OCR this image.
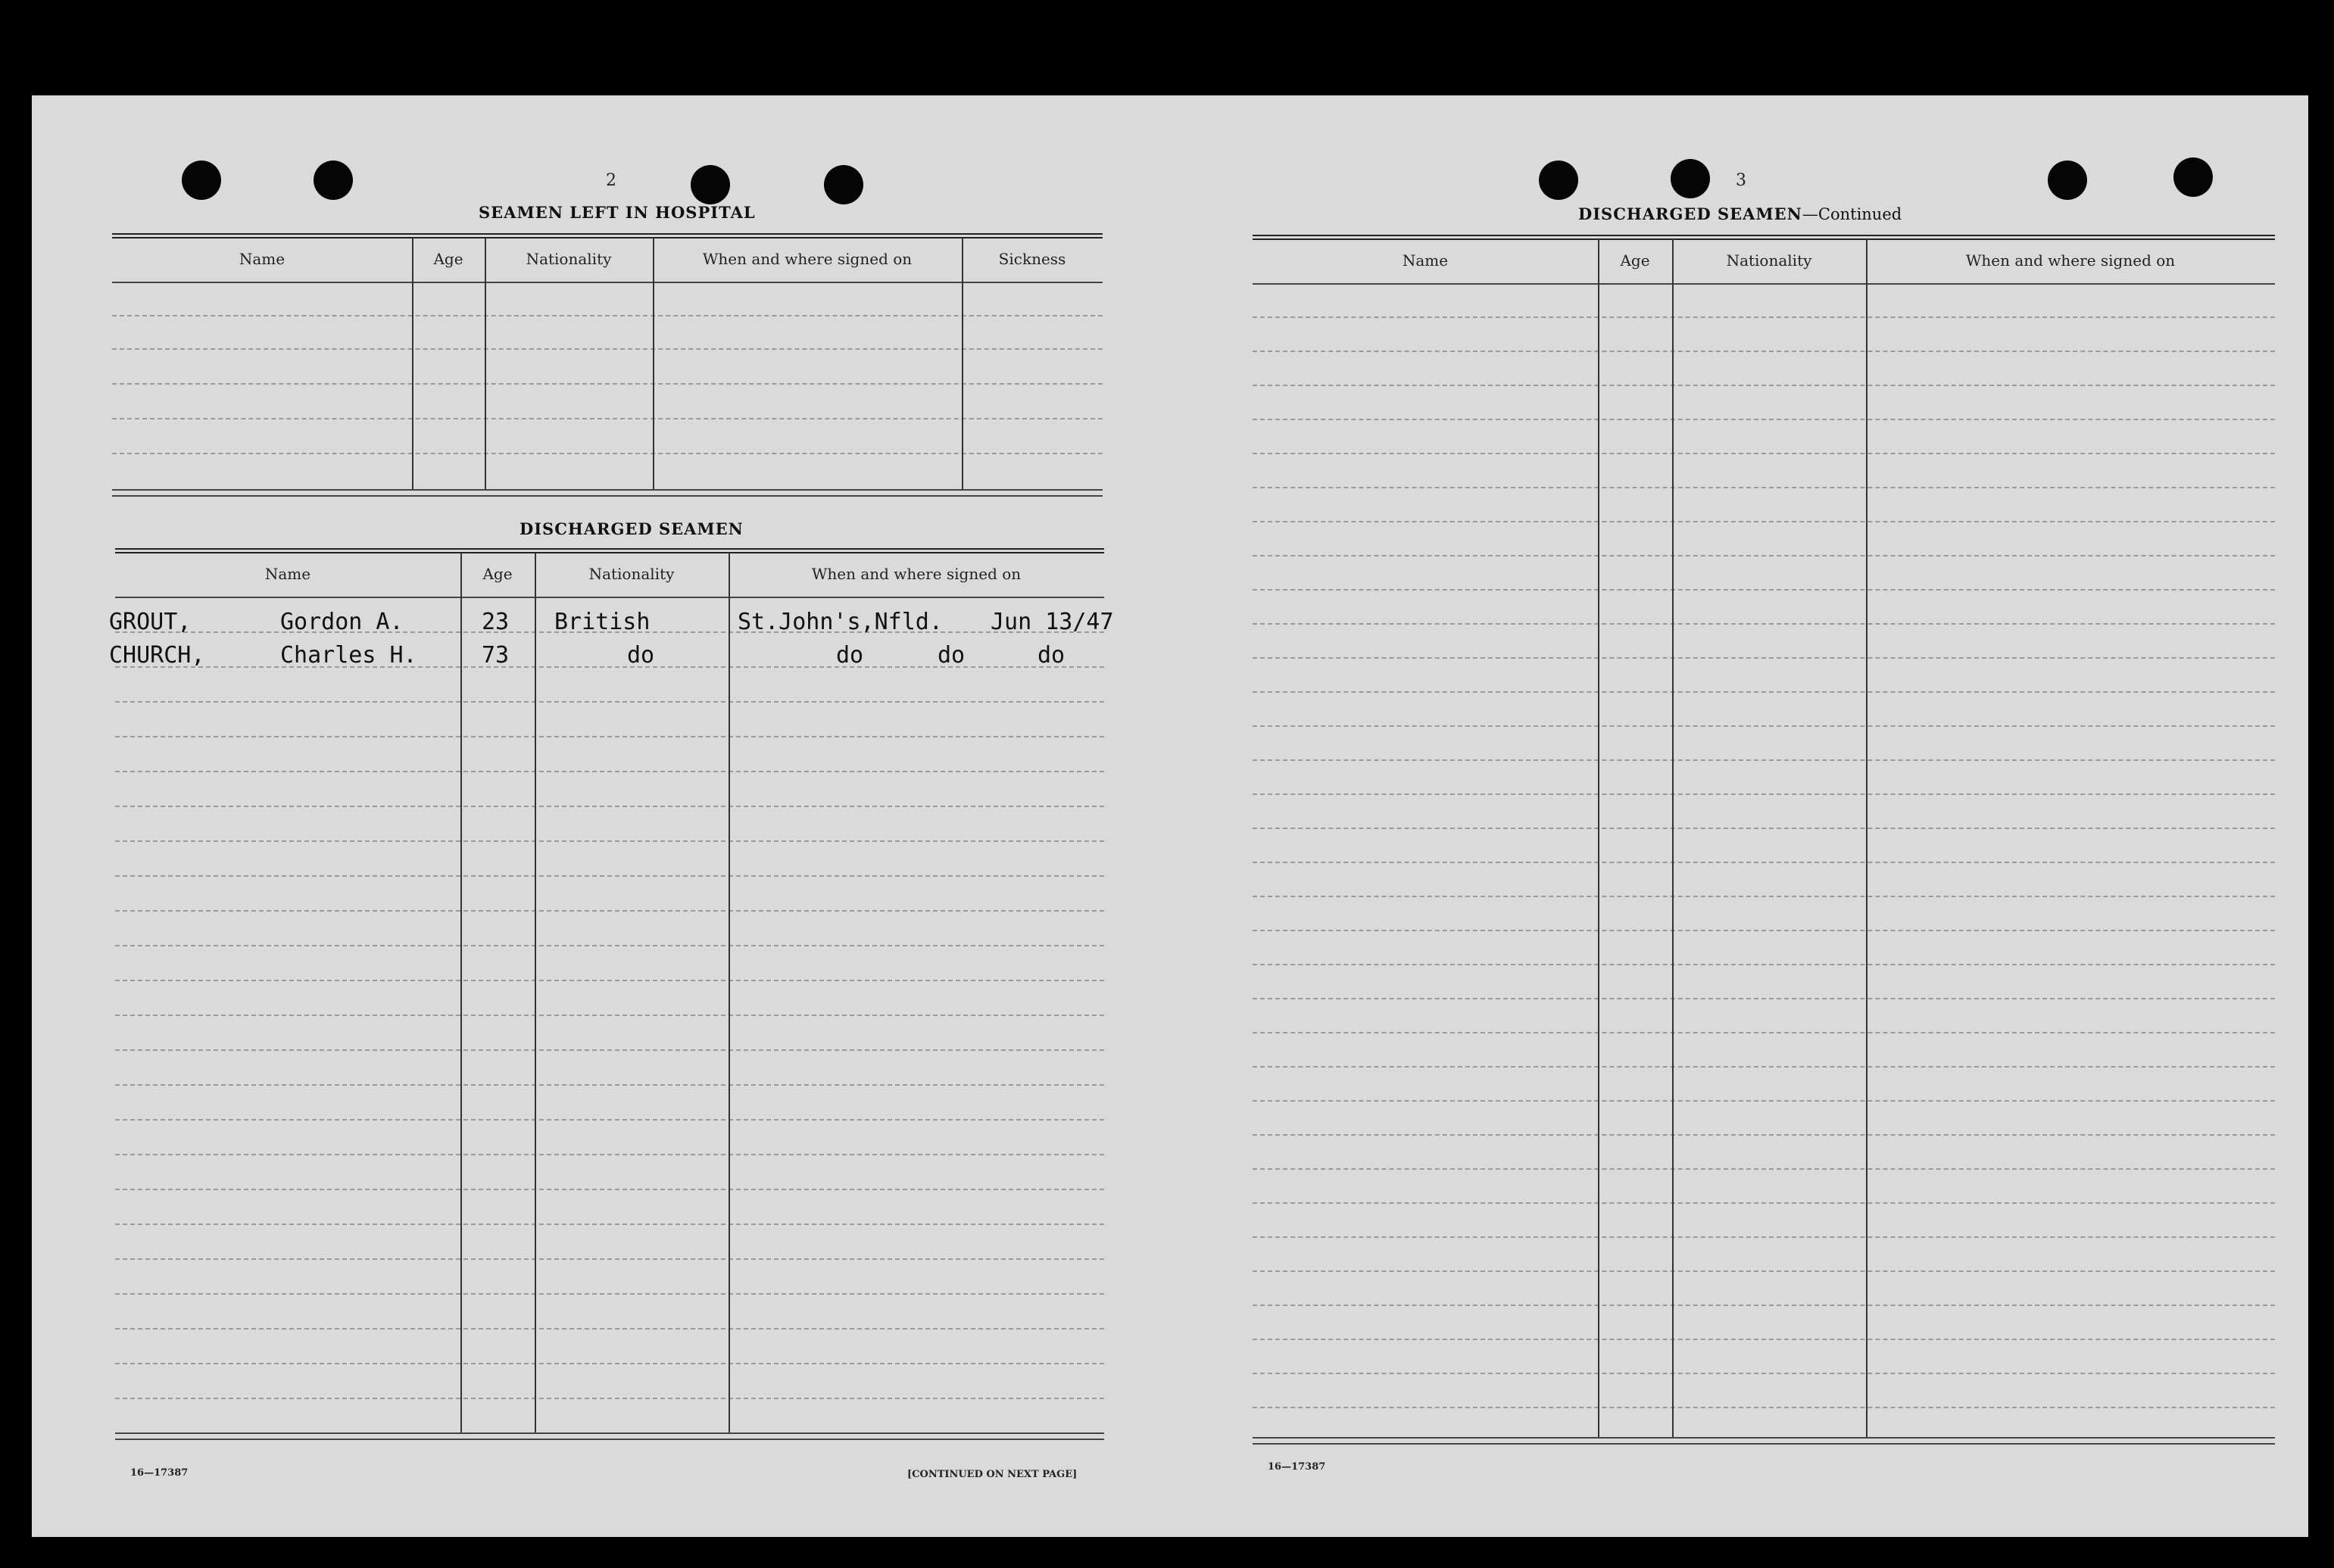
2
SEAMEN LEFT IN HOSPITAL
Name	Age	Nationality	When and where signed on	Sickness
DISCHARGED SEAMEN
Name	Age	Nationality	When and where signed on
GROUT,	Gordon A.	23 British	St.John's,Nfld. Jun 13/47
CHURCH,	Charles H.	73	do	do	do	do
16—17387	[CONTINUED ON NEXT PAGE]
3
DISCHARGED SEAMEN—Continued
Name	Age	Nationality	When and where signed on
16—17387
